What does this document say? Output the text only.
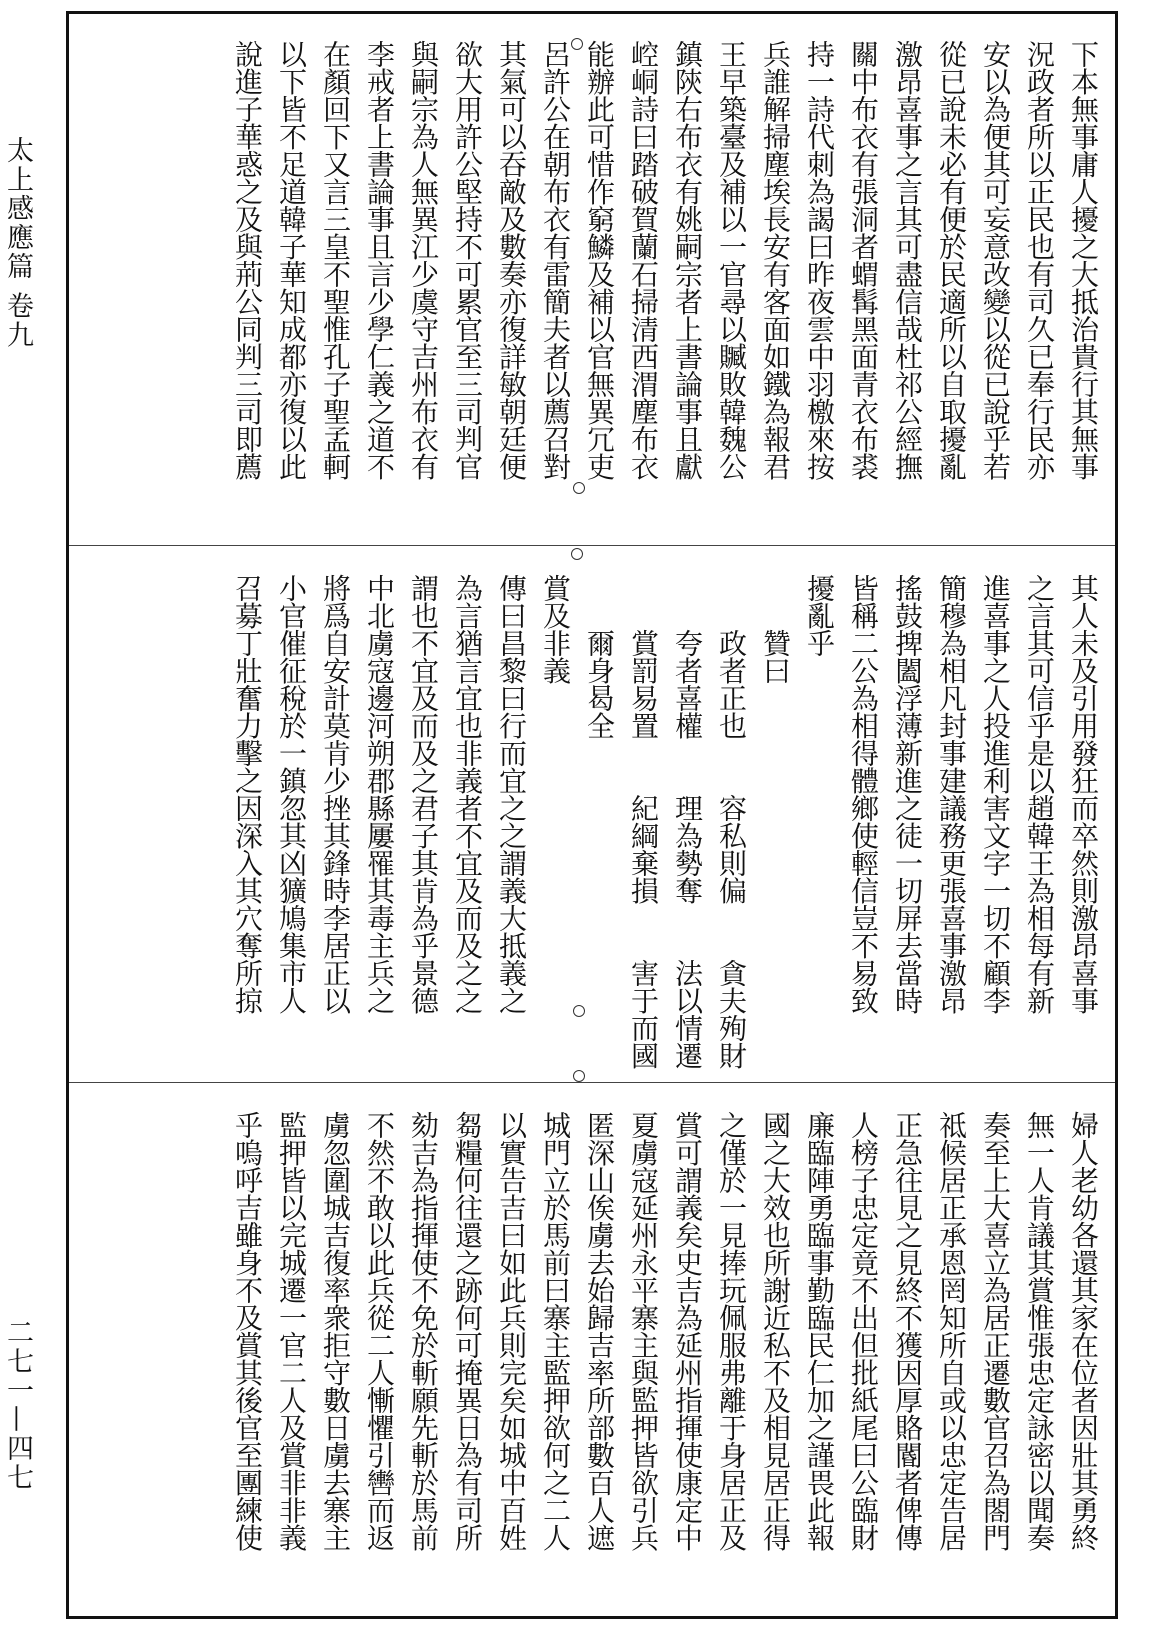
太上感應篇 卷九
二七一—四七
下本無事庸人擾之大抵治貴行其無事
況政者所以正民也有司久已奉行民亦
安以為便其可妄意改變以從已說乎若
從已說未必有便於民適所以自取擾亂
激昂喜事之言其可盡信哉杜祁公經撫
關中布衣有張洞者蝟髯黑面青衣布裘
持一詩代刺為謁曰昨夜雲中羽檄來按
兵誰解掃塵埃長安有客面如鐵為報君
王早築臺及補以一官尋以贓敗韓魏公
鎮陝右布衣有姚嗣宗者上書論事且獻
崆峒詩曰踏破賀蘭石掃清西渭塵布衣
能辦此可惜作窮鱗及補以官無異冗吏
呂許公在朝布衣有雷簡夫者以薦召對
其氣可以吞敵及數奏亦復詳敏朝廷便
欲大用許公堅持不可累官至三司判官
與嗣宗為人無異江少虞守吉州布衣有
李戒者上書論事且言少學仁義之道不
在顏回下又言三皇不聖惟孔子聖孟軻
以下皆不足道韓子華知成都亦復以此
說進子華惑之及與荊公同判三司即薦
其人未及引用發狂而卒然則激昂喜事
之言其可信乎是以趙韓王為相每有新
進喜事之人投進利害文字一切不顧李
簡穆為相凡封事建議務更張喜事激昂
搖鼓捭闔浮薄新進之徒一切屏去當時
皆稱二公為相得體鄉使輕信豈不易致
擾亂乎
　　贊曰
　　政者正也　　容私則偏　　貪夫殉財
　　夸者喜權　　理為勢奪　　法以情遷
　　賞罰易置　　紀綱棄損　　害于而國
　　爾身曷全
賞及非義
傳曰昌黎曰行而宜之之謂義大抵義之
為言猶言宜也非義者不宜及而及之之
謂也不宜及而及之君子其肯為乎景德
中北虜寇邊河朔郡縣屢罹其毒主兵之
將爲自安計莫肯少挫其鋒時李居正以
小官催征稅於一鎮忽其凶獷鳩集市人
召募丁壯奮力擊之因深入其穴奪所掠
婦人老幼各還其家在位者因壯其勇終
無一人肯議其賞惟張忠定詠密以聞奏
奏至上大喜立為居正遷數官召為閤門
祗候居正承恩罔知所自或以忠定告居
正急往見之見終不獲因厚賂閽者俾傳
人榜子忠定竟不出但批紙尾曰公臨財
廉臨陣勇臨事勤臨民仁加之謹畏此報
國之大效也所謝近私不及相見居正得
之僅於一見捧玩佩服弗離于身居正及
賞可謂義矣史吉為延州指揮使康定中
夏虜寇延州永平寨主與監押皆欲引兵
匿深山俟虜去始歸吉率所部數百人遮
城門立於馬前曰寨主監押欲何之二人
以實告吉曰如此兵則完矣如城中百姓
芻糧何往還之跡何可掩異日為有司所
劾吉為指揮使不免於斬願先斬於馬前
不然不敢以此兵從二人慚懼引轡而返
虜忽圍城吉復率衆拒守數日虜去寨主
監押皆以完城遷一官二人及賞非非義
乎嗚呼吉雖身不及賞其後官至團練使
